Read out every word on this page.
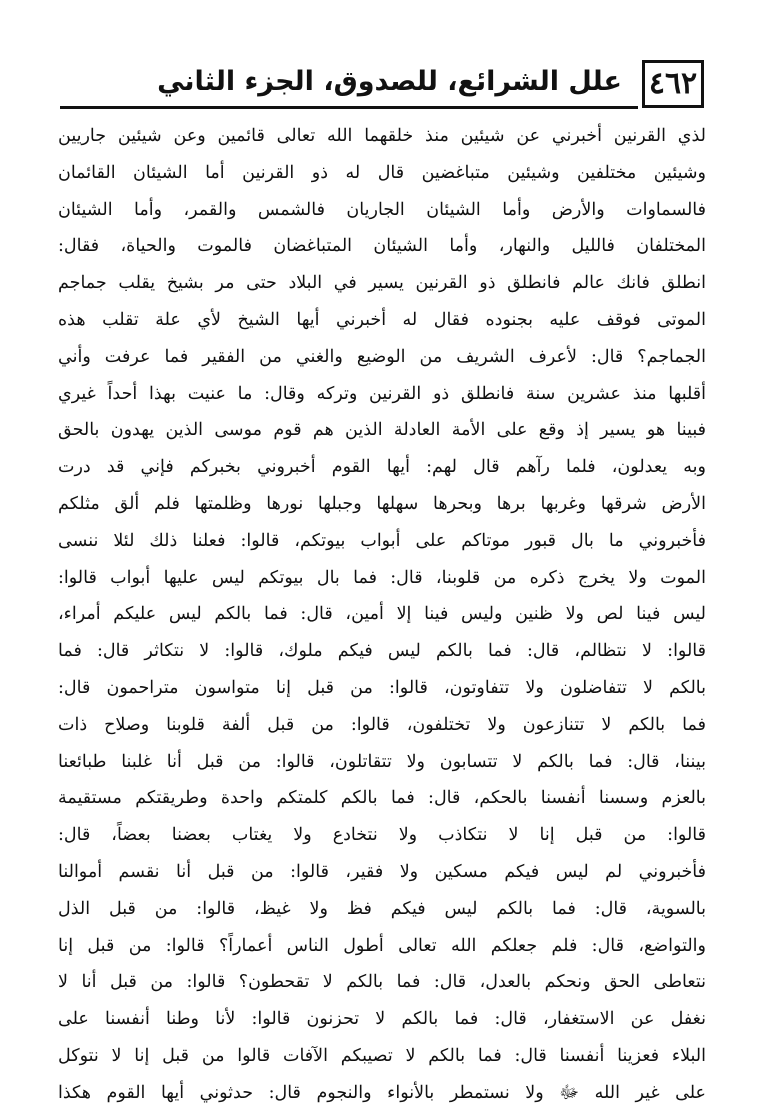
٤٦٢
علل الشرائع، للصدوق، الجزء الثاني
لذي القرنين أخبرني عن شيئين منذ خلقهما الله تعالى قائمين وعن شيئين جاريين
وشيئين مختلفين وشيئين متباغضين قال له ذو القرنين أما الشيئان القائمان
فالسماوات والأرض وأما الشيئان الجاريان فالشمس والقمر، وأما الشيئان
المختلفان فالليل والنهار، وأما الشيئان المتباغضان فالموت والحياة، فقال:
انطلق فانك عالم فانطلق ذو القرنين يسير في البلاد حتى مر بشيخ يقلب جماجم
الموتى فوقف عليه بجنوده فقال له أخبرني أيها الشيخ لأي علة تقلب هذه
الجماجم؟ قال: لأعرف الشريف من الوضيع والغني من الفقير فما عرفت وأني
أقلبها منذ عشرين سنة فانطلق ذو القرنين وتركه وقال: ما عنيت بهذا أحداً غيري
فبينا هو يسير إذ وقع على الأمة العادلة الذين هم قوم موسى الذين يهدون بالحق
وبه يعدلون، فلما رآهم قال لهم: أيها القوم أخبروني بخبركم فإني قد درت
الأرض شرقها وغربها برها وبحرها سهلها وجبلها نورها وظلمتها فلم ألق مثلكم
فأخبروني ما بال قبور موتاكم على أبواب بيوتكم، قالوا: فعلنا ذلك لئلا ننسى
الموت ولا يخرج ذكره من قلوبنا، قال: فما بال بيوتكم ليس عليها أبواب قالوا:
ليس فينا لص ولا ظنين وليس فينا إلا أمين، قال: فما بالكم ليس عليكم أمراء،
قالوا: لا نتظالم، قال: فما بالكم ليس فيكم ملوك، قالوا: لا نتكاثر قال: فما
بالكم لا تتفاضلون ولا تتفاوتون، قالوا: من قبل إنا متواسون متراحمون قال:
فما بالكم لا تتنازعون ولا تختلفون، قالوا: من قبل ألفة قلوبنا وصلاح ذات
بيننا، قال: فما بالكم لا تتسابون ولا تتقاتلون، قالوا: من قبل أنا غلبنا طبائعنا
بالعزم وسسنا أنفسنا بالحكم، قال: فما بالكم كلمتكم واحدة وطريقتكم مستقيمة
قالوا: من قبل إنا لا نتكاذب ولا نتخادع ولا يغتاب بعضنا بعضاً، قال:
فأخبروني لم ليس فيكم مسكين ولا فقير، قالوا: من قبل أنا نقسم أموالنا
بالسوية، قال: فما بالكم ليس فيكم فظ ولا غيظ، قالوا: من قبل الذل
والتواضع، قال: فلم جعلكم الله تعالى أطول الناس أعماراً؟ قالوا: من قبل إنا
نتعاطى الحق ونحكم بالعدل، قال: فما بالكم لا تقحطون؟ قالوا: من قبل أنا لا
نغفل عن الاستغفار، قال: فما بالكم لا تحزنون قالوا: لأنا وطنا أنفسنا على
البلاء فعزينا أنفسنا قال: فما بالكم لا تصيبكم الآفات قالوا من قبل إنا لا نتوكل
على غير الله ﷻ ولا نستمطر بالأنواء والنجوم قال: حدثوني أيها القوم هكذا
